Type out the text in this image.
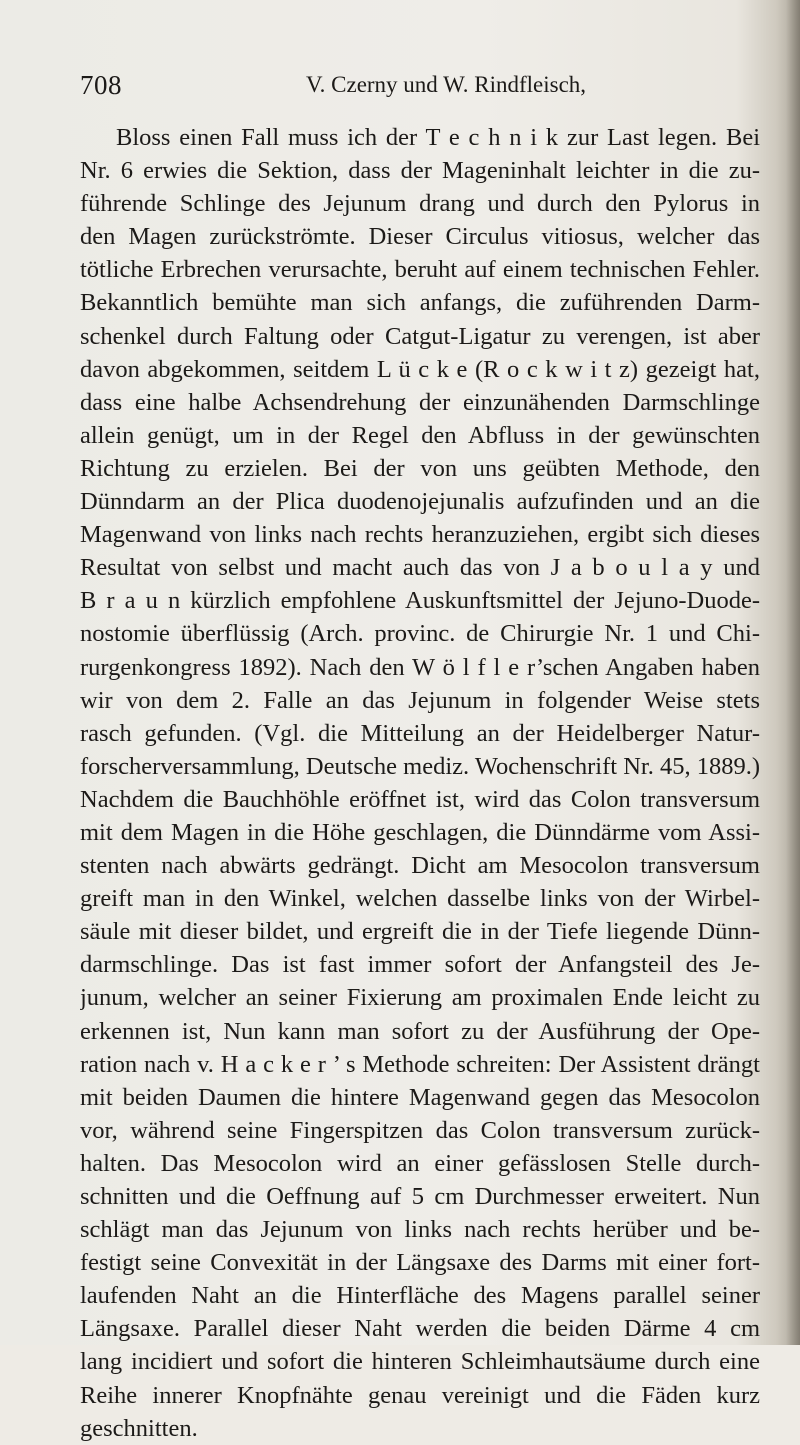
708	V. Czerny und W. Rindfleisch,
Bloss einen Fall muss ich der T e c h n i k zur Last legen. Bei
Nr. 6 erwies die Sektion, dass der Mageninhalt leichter in die zu-
führende Schlinge des Jejunum drang und durch den Pylorus in
den Magen zurückströmte. Dieser Circulus vitiosus, welcher das
tötliche Erbrechen verursachte, beruht auf einem technischen Fehler.
Bekanntlich bemühte man sich anfangs, die zuführenden Darm-
schenkel durch Faltung oder Catgut-Ligatur zu verengen, ist aber
davon abgekommen, seitdem L ü c k e (R o c k w i t z) gezeigt hat,
dass eine halbe Achsendrehung der einzunähenden Darmschlinge
allein genügt, um in der Regel den Abfluss in der gewünschten
Richtung zu erzielen. Bei der von uns geübten Methode, den
Dünndarm an der Plica duodenojejunalis aufzufinden und an die
Magenwand von links nach rechts heranzuziehen, ergibt sich dieses
Resultat von selbst und macht auch das von J a b o u l a y und
B r a u n kürzlich empfohlene Auskunftsmittel der Jejuno-Duode-
nostomie überflüssig (Arch. provinc. de Chirurgie Nr. 1 und Chi-
rurgenkongress 1892). Nach den W ö l f l e r’schen Angaben haben
wir von dem 2. Falle an das Jejunum in folgender Weise stets
rasch gefunden. (Vgl. die Mitteilung an der Heidelberger Natur-
forscherversammlung, Deutsche mediz. Wochenschrift Nr. 45, 1889.)
Nachdem die Bauchhöhle eröffnet ist, wird das Colon transversum
mit dem Magen in die Höhe geschlagen, die Dünndärme vom Assi-
stenten nach abwärts gedrängt. Dicht am Mesocolon transversum
greift man in den Winkel, welchen dasselbe links von der Wirbel-
säule mit dieser bildet, und ergreift die in der Tiefe liegende Dünn-
darmschlinge. Das ist fast immer sofort der Anfangsteil des Je-
junum, welcher an seiner Fixierung am proximalen Ende leicht zu
erkennen ist, Nun kann man sofort zu der Ausführung der Ope-
ration nach v. H a c k e r ’ s Methode schreiten: Der Assistent drängt
mit beiden Daumen die hintere Magenwand gegen das Mesocolon
vor, während seine Fingerspitzen das Colon transversum zurück-
halten. Das Mesocolon wird an einer gefässlosen Stelle durch-
schnitten und die Oeffnung auf 5 cm Durchmesser erweitert. Nun
schlägt man das Jejunum von links nach rechts herüber und be-
festigt seine Convexität in der Längsaxe des Darms mit einer fort-
laufenden Naht an die Hinterfläche des Magens parallel seiner
Längsaxe. Parallel dieser Naht werden die beiden Därme 4 cm
lang incidiert und sofort die hinteren Schleimhautsäume durch eine
Reihe innerer Knopfnähte genau vereinigt und die Fäden kurz
geschnitten.
